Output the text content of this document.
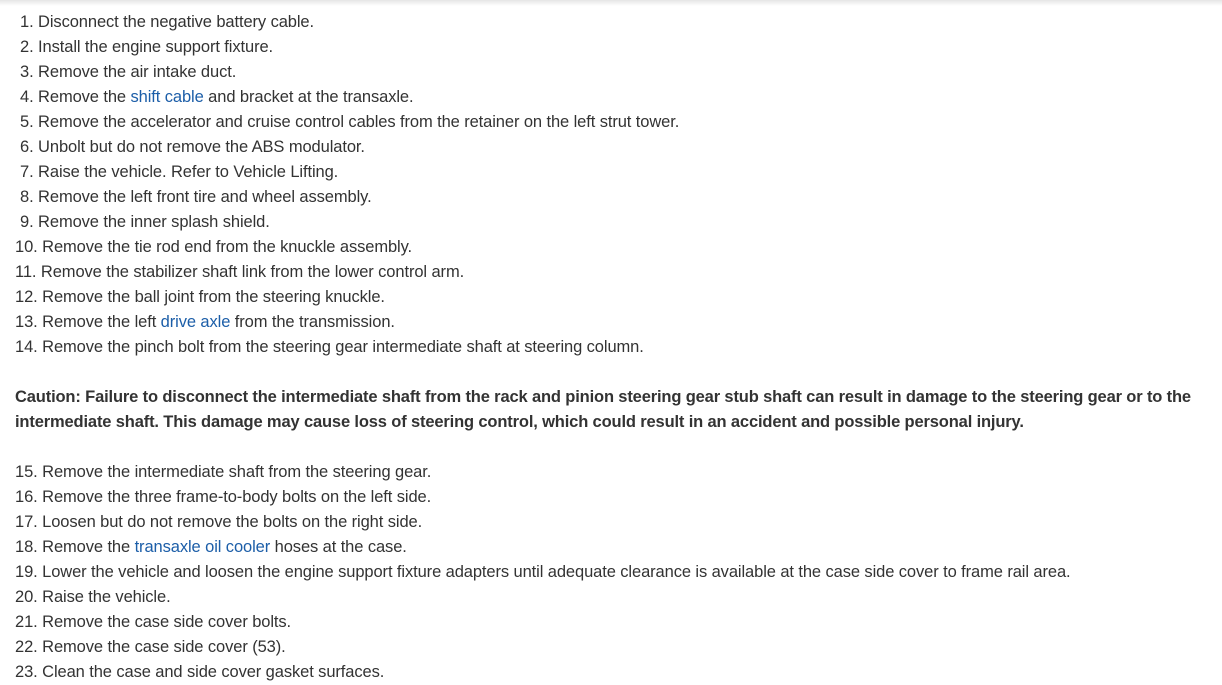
1. Disconnect the negative battery cable.
2. Install the engine support fixture.
3. Remove the air intake duct.
4. Remove the shift cable and bracket at the transaxle.
5. Remove the accelerator and cruise control cables from the retainer on the left strut tower.
6. Unbolt but do not remove the ABS modulator.
7. Raise the vehicle. Refer to Vehicle Lifting.
8. Remove the left front tire and wheel assembly.
9. Remove the inner splash shield.
10. Remove the tie rod end from the knuckle assembly.
11. Remove the stabilizer shaft link from the lower control arm.
12. Remove the ball joint from the steering knuckle.
13. Remove the left drive axle from the transmission.
14. Remove the pinch bolt from the steering gear intermediate shaft at steering column.
Caution: Failure to disconnect the intermediate shaft from the rack and pinion steering gear stub shaft can result in damage to the steering gear or to the intermediate shaft. This damage may cause loss of steering control, which could result in an accident and possible personal injury.
15. Remove the intermediate shaft from the steering gear.
16. Remove the three frame-to-body bolts on the left side.
17. Loosen but do not remove the bolts on the right side.
18. Remove the transaxle oil cooler hoses at the case.
19. Lower the vehicle and loosen the engine support fixture adapters until adequate clearance is available at the case side cover to frame rail area.
20. Raise the vehicle.
21. Remove the case side cover bolts.
22. Remove the case side cover (53).
23. Clean the case and side cover gasket surfaces.
